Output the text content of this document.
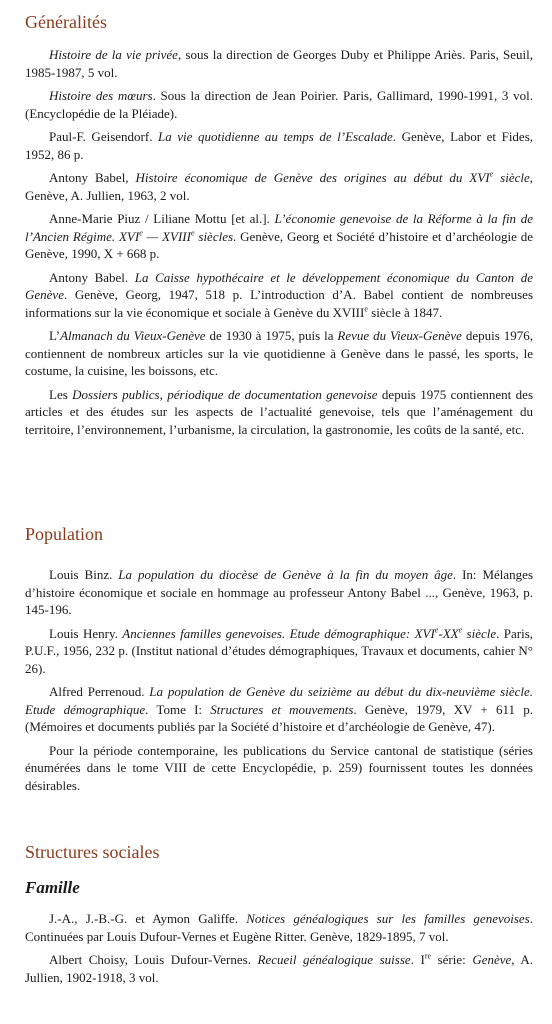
Généralités

Histoire de la vie privée, sous la direction de Georges Duby et Philippe Ariès. Paris, Seuil, 1985-1987, 5 vol.

Histoire des mœurs. Sous la direction de Jean Poirier. Paris, Gallimard, 1990-1991, 3 vol. (Encyclopédie de la Pléiade).

Paul-F. Geisendorf. La vie quotidienne au temps de l’Escalade. Genève, Labor et Fides, 1952, 86 p.

Antony Babel, Histoire économique de Genève des origines au début du XVIe siècle, Genève, A. Jullien, 1963, 2 vol.

Anne-Marie Piuz / Liliane Mottu [et al.]. L’économie genevoise de la Réforme à la fin de l’Ancien Régime. XVIe — XVIIIe siècles. Genève, Georg et Société d’histoire et d’archéologie de Genève, 1990, X + 668 p.

Antony Babel. La Caisse hypothécaire et le développement économique du Canton de Genève. Genève, Georg, 1947, 518 p. L’introduction d’A. Babel contient de nombreuses informations sur la vie économique et sociale à Genève du XVIIIe siècle à 1847.

L’Almanach du Vieux-Genève de 1930 à 1975, puis la Revue du Vieux-Genève depuis 1976, contiennent de nombreux articles sur la vie quotidienne à Genève dans le passé, les sports, le costume, la cuisine, les boissons, etc.

Les Dossiers publics, périodique de documentation genevoise depuis 1975 contiennent des articles et des études sur les aspects de l’actualité genevoise, tels que l’aménagement du territoire, l’environnement, l’urbanisme, la circulation, la gastronomie, les coûts de la santé, etc.

Population

Louis Binz. La population du diocèse de Genève à la fin du moyen âge. In: Mélanges d’histoire économique et sociale en hommage au professeur Antony Babel ..., Genève, 1963, p. 145-196.

Louis Henry. Anciennes familles genevoises. Etude démographique: XVIe-XXe siècle. Paris, P.U.F., 1956, 232 p. (Institut national d’études démographiques, Travaux et documents, cahier N° 26).

Alfred Perrenoud. La population de Genève du seizième au début du dix-neuvième siècle. Etude démographique. Tome I: Structures et mouvements. Genève, 1979, XV + 611 p. (Mémoires et documents publiés par la Société d’histoire et d’archéologie de Genève, 47).

Pour la période contemporaine, les publications du Service cantonal de statistique (séries énumérées dans le tome VIII de cette Encyclopédie, p. 259) fournissent toutes les données désirables.

Structures sociales
Famille

J.-A., J.-B.-G. et Aymon Galiffe. Notices généalogiques sur les familles genevoises. Continuées par Louis Dufour-Vernes et Eugène Ritter. Genève, 1829-1895, 7 vol.

Albert Choisy, Louis Dufour-Vernes. Recueil généalogique suisse. Ire série: Genève, A. Jullien, 1902-1918, 3 vol.
